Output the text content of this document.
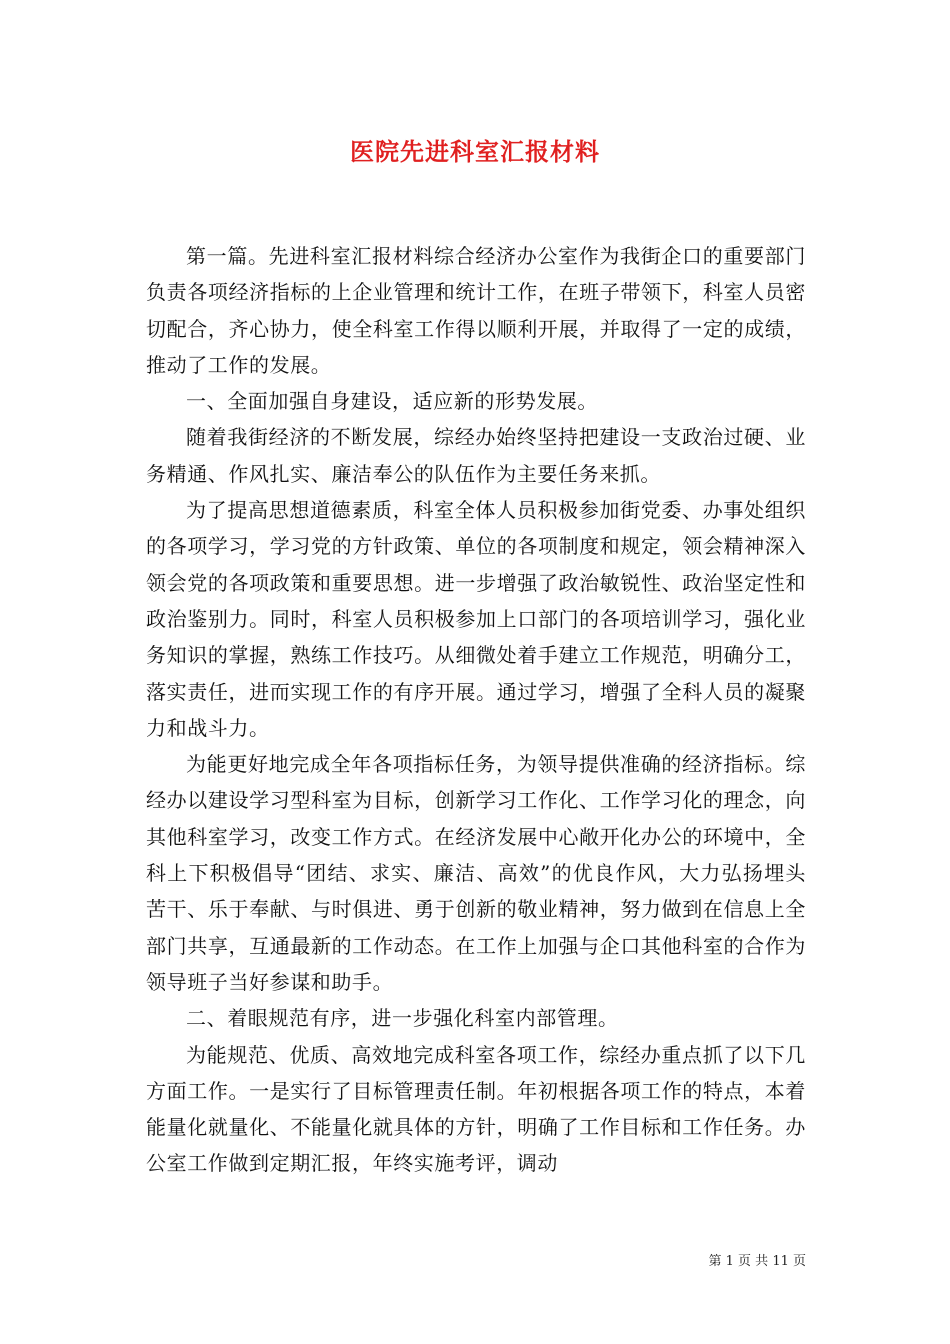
医院先进科室汇报材料

第一篇。先进科室汇报材料综合经济办公室作为我街企口的重要部门负责各项经济指标的上企业管理和统计工作，在班子带领下，科室人员密切配合，齐心协力，使全科室工作得以顺利开展，并取得了一定的成绩，推动了工作的发展。

一、全面加强自身建设，适应新的形势发展。

随着我街经济的不断发展，综经办始终坚持把建设一支政治过硬、业务精通、作风扎实、廉洁奉公的队伍作为主要任务来抓。

为了提高思想道德素质，科室全体人员积极参加街党委、办事处组织的各项学习，学习党的方针政策、单位的各项制度和规定，领会精神深入领会党的各项政策和重要思想。进一步增强了政治敏锐性、政治坚定性和政治鉴别力。同时，科室人员积极参加上口部门的各项培训学习，强化业务知识的掌握，熟练工作技巧。从细微处着手建立工作规范，明确分工，落实责任，进而实现工作的有序开展。通过学习，增强了全科人员的凝聚力和战斗力。

为能更好地完成全年各项指标任务，为领导提供准确的经济指标。综经办以建设学习型科室为目标，创新学习工作化、工作学习化的理念，向其他科室学习，改变工作方式。在经济发展中心敞开化办公的环境中，全科上下积极倡导“团结、求实、廉洁、高效”的优良作风，大力弘扬埋头苦干、乐于奉献、与时俱进、勇于创新的敬业精神，努力做到在信息上全部门共享，互通最新的工作动态。在工作上加强与企口其他科室的合作为领导班子当好参谋和助手。

二、着眼规范有序，进一步强化科室内部管理。

为能规范、优质、高效地完成科室各项工作，综经办重点抓了以下几方面工作。一是实行了目标管理责任制。年初根据各项工作的特点，本着能量化就量化、不能量化就具体的方针，明确了工作目标和工作任务。办公室工作做到定期汇报，年终实施考评，调动

第 1 页 共 11 页
